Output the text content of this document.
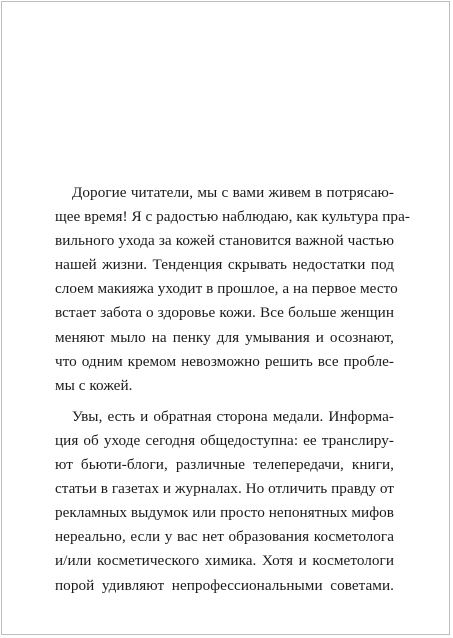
Дорогие читатели, мы с вами живем в потрясаю-
щее время! Я с радостью наблюдаю, как культура пра-
вильного ухода за кожей становится важной частью
нашей жизни. Тенденция скрывать недостатки под
слоем макияжа уходит в прошлое, а на первое место
встает забота о здоровье кожи. Все больше женщин
меняют мыло на пенку для умывания и осознают,
что одним кремом невозможно решить все пробле-
мы с кожей.

Увы, есть и обратная сторона медали. Информа-
ция об уходе сегодня общедоступна: ее транслиру-
ют бьюти-блоги, различные телепередачи, книги,
статьи в газетах и журналах. Но отличить правду от
рекламных выдумок или просто непонятных мифов
нереально, если у вас нет образования косметолога
и/или косметического химика. Хотя и косметологи
порой удивляют непрофессиональными советами.
